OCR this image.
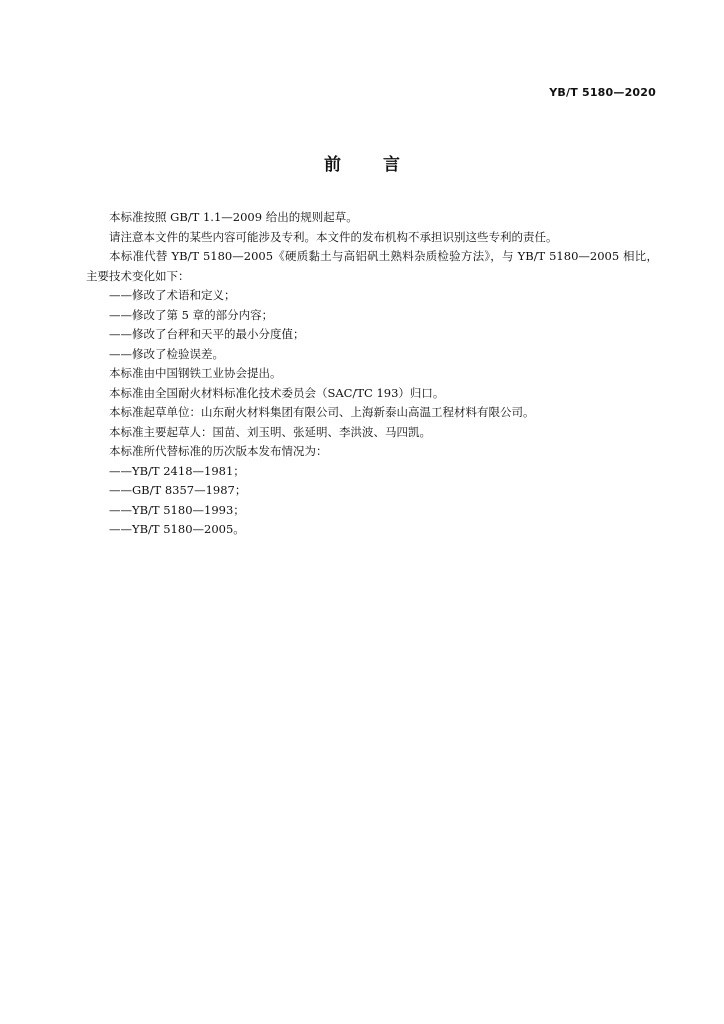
YB/T 5180—2020
前 言

本标准按照 GB/T 1.1—2009 给出的规则起草。

请注意本文件的某些内容可能涉及专利。本文件的发布机构不承担识别这些专利的责任。

本标准代替 YB/T 5180—2005《硬质黏土与高铝矾土熟料杂质检验方法》，与 YB/T 5180—2005 相比，主要技术变化如下：

——修改了术语和定义；

——修改了第 5 章的部分内容；

——修改了台秤和天平的最小分度值；

——修改了检验误差。

本标准由中国钢铁工业协会提出。

本标准由全国耐火材料标准化技术委员会（SAC/TC 193）归口。

本标准起草单位：山东耐火材料集团有限公司、上海新泰山高温工程材料有限公司。

本标准主要起草人：国苗、刘玉明、张延明、李洪波、马四凯。

本标准所代替标准的历次版本发布情况为：

——YB/T 2418—1981；

——GB/T 8357—1987；

——YB/T 5180—1993；

——YB/T 5180—2005。
